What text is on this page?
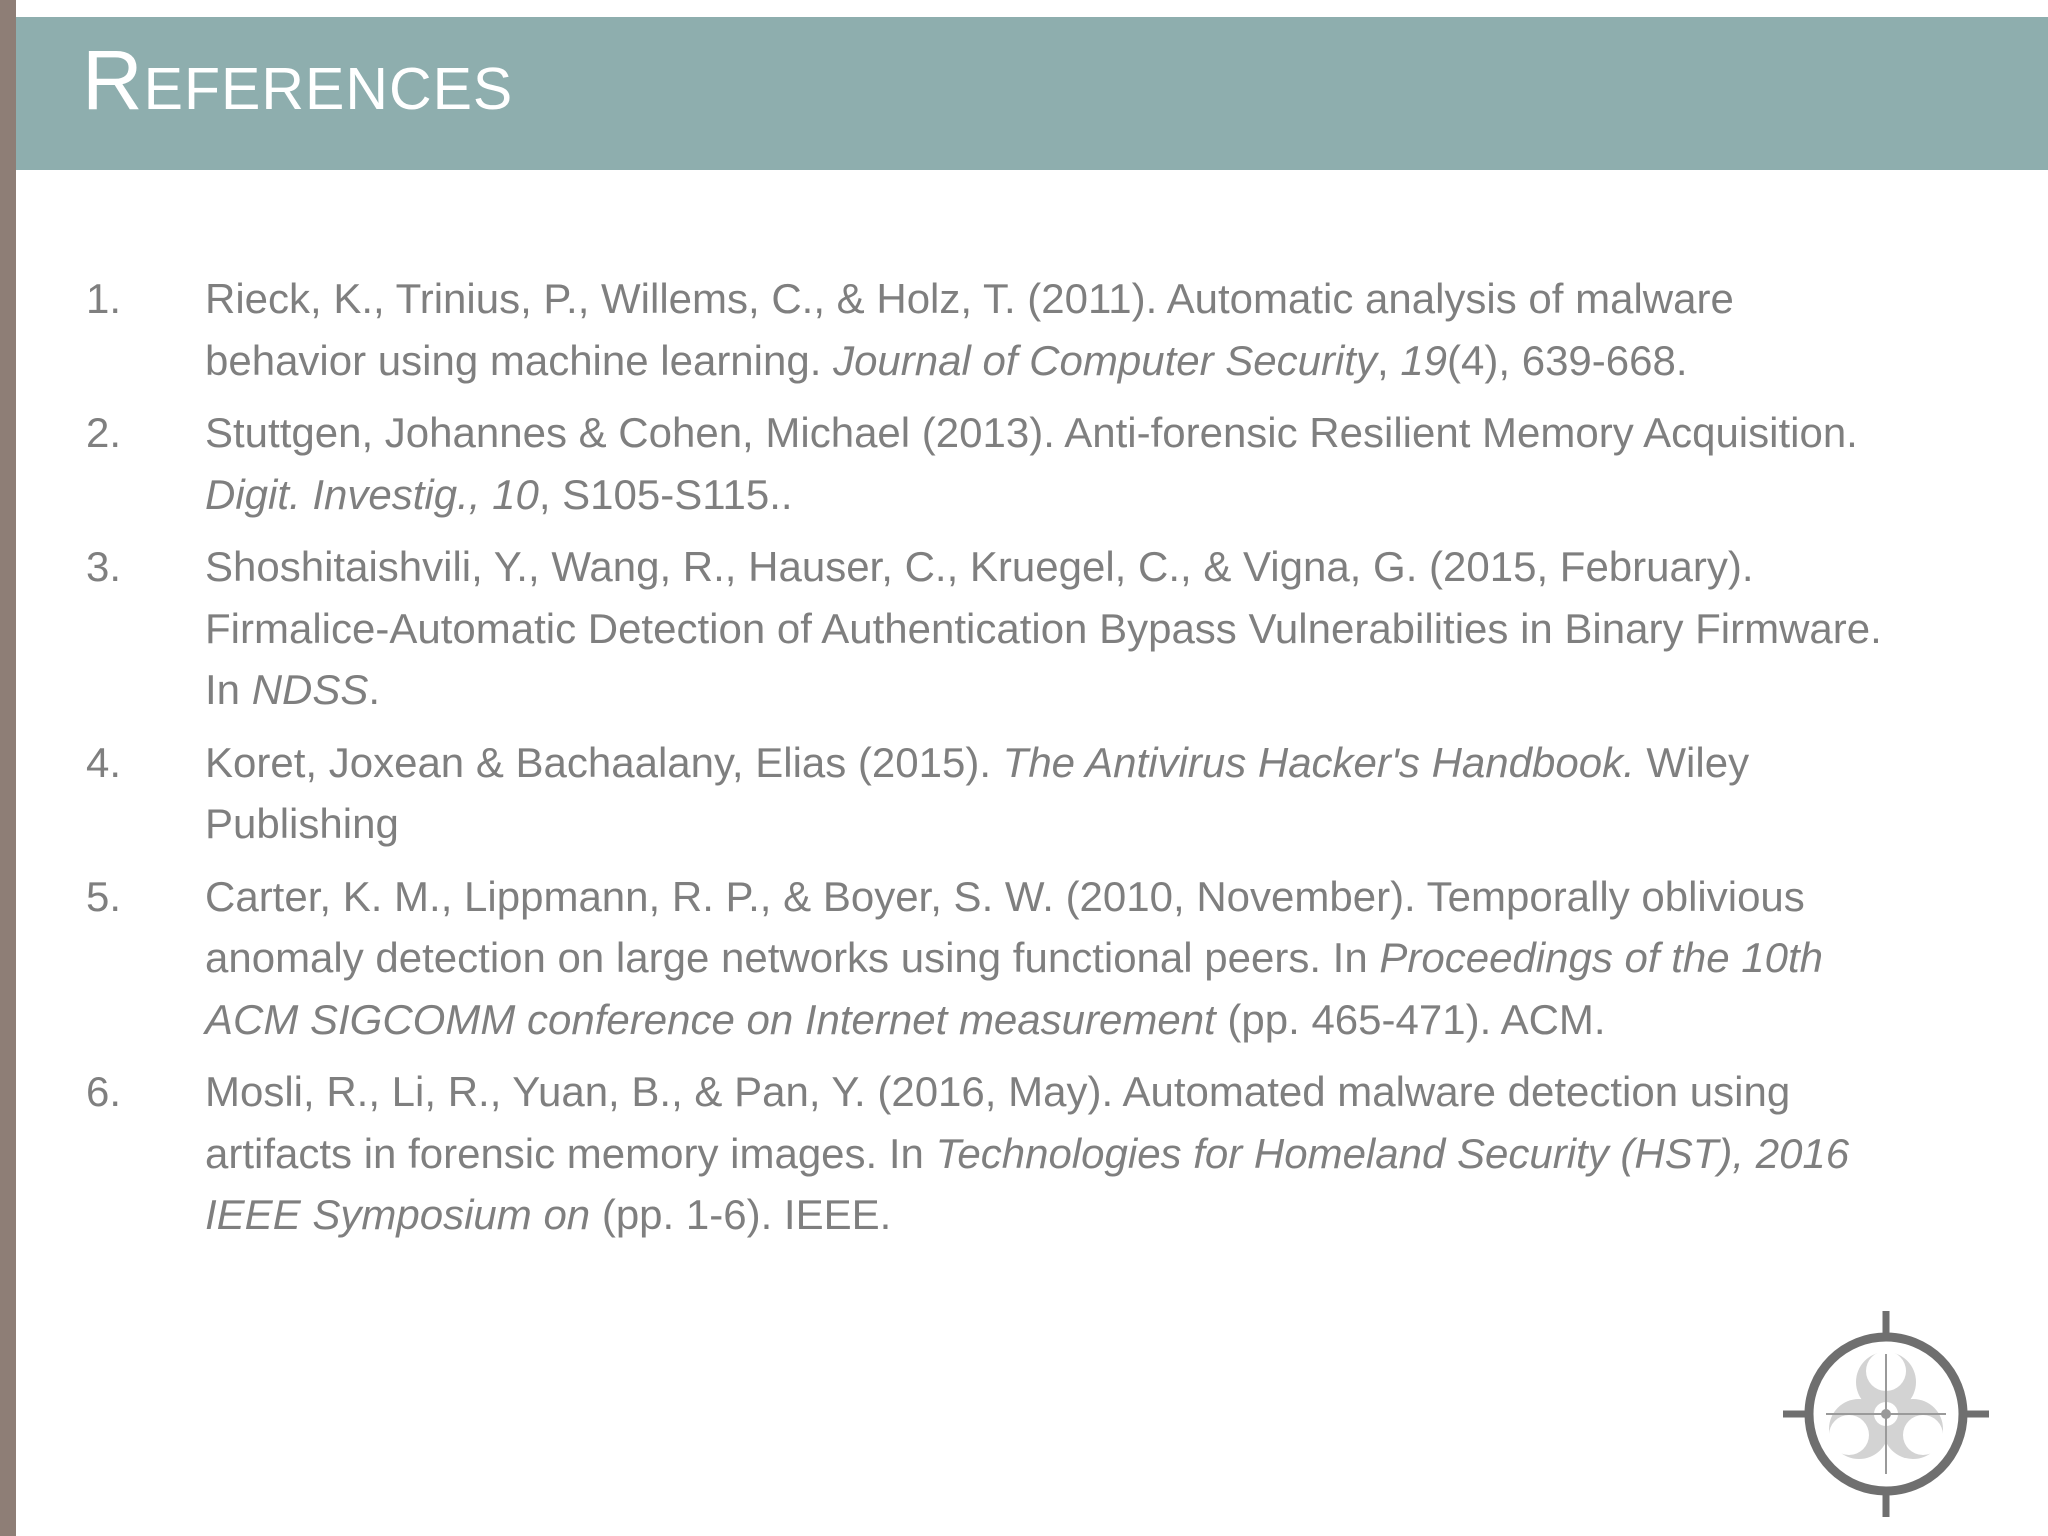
References
1. Rieck, K., Trinius, P., Willems, C., & Holz, T. (2011). Automatic analysis of malware behavior using machine learning. Journal of Computer Security, 19(4), 639-668.
2. Stuttgen, Johannes & Cohen, Michael (2013). Anti-forensic Resilient Memory Acquisition. Digit. Investig., 10, S105-S115..
3. Shoshitaishvili, Y., Wang, R., Hauser, C., Kruegel, C., & Vigna, G. (2015, February). Firmalice-Automatic Detection of Authentication Bypass Vulnerabilities in Binary Firmware. In NDSS.
4. Koret, Joxean & Bachaalany, Elias (2015). The Antivirus Hacker's Handbook. Wiley Publishing
5. Carter, K. M., Lippmann, R. P., & Boyer, S. W. (2010, November). Temporally oblivious anomaly detection on large networks using functional peers. In Proceedings of the 10th ACM SIGCOMM conference on Internet measurement (pp. 465-471). ACM.
6. Mosli, R., Li, R., Yuan, B., & Pan, Y. (2016, May). Automated malware detection using artifacts in forensic memory images. In Technologies for Homeland Security (HST), 2016 IEEE Symposium on (pp. 1-6). IEEE.
